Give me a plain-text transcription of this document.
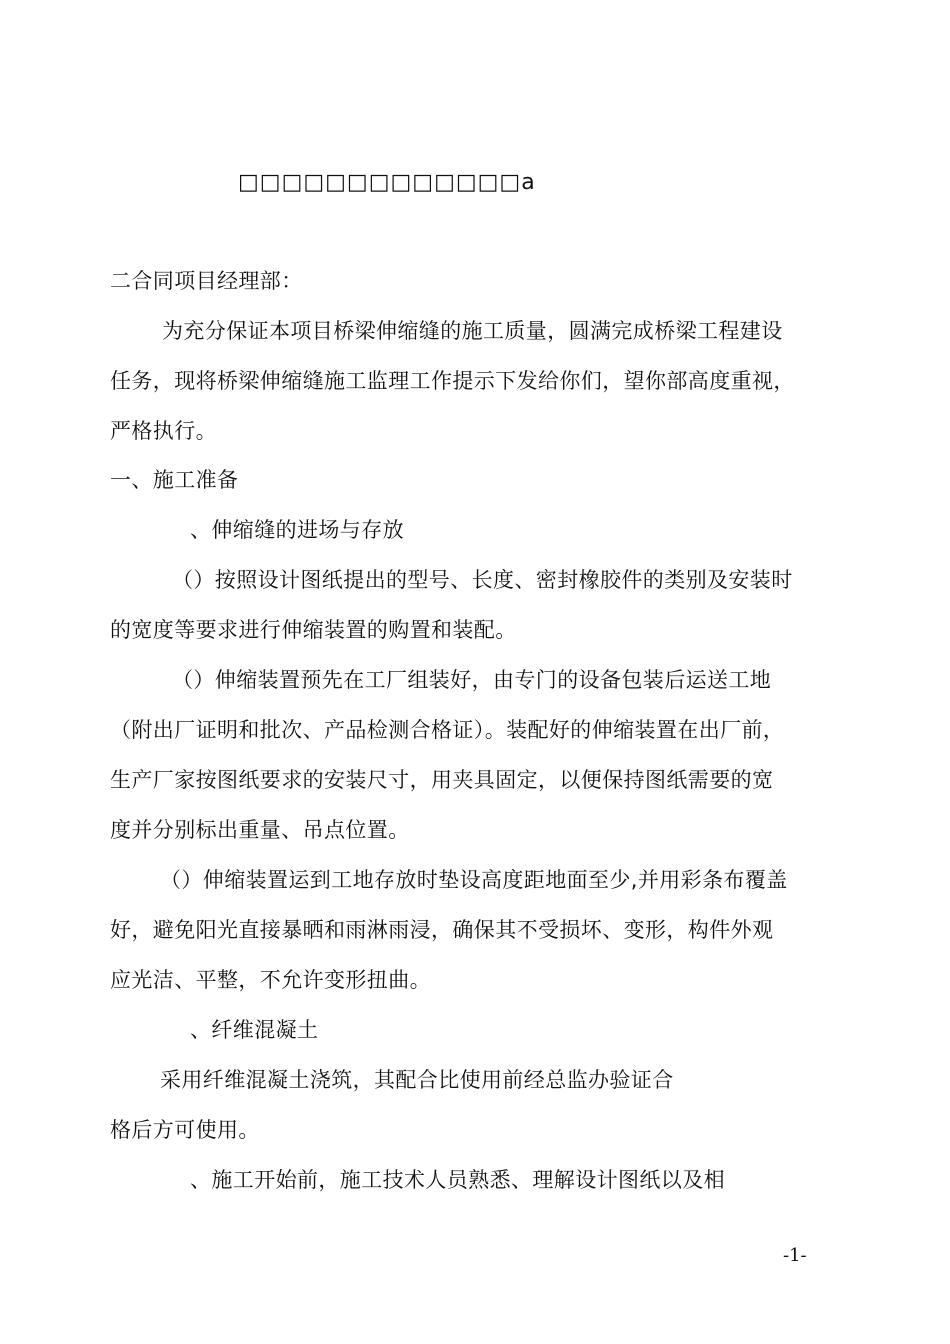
□□□□□□□□□□□□□a
二合同项目经理部：
为充分保证本项目桥梁伸缩缝的施工质量，圆满完成桥梁工程建设
任务，现将桥梁伸缩缝施工监理工作提示下发给你们，望你部高度重视，
严格执行。
一、施工准备
、伸缩缝的进场与存放
（）按照设计图纸提出的型号、长度、密封橡胶件的类别及安装时
的宽度等要求进行伸缩装置的购置和装配。
（）伸缩装置预先在工厂组装好，由专门的设备包装后运送工地
（附出厂证明和批次、产品检测合格证）。装配好的伸缩装置在出厂前，
生产厂家按图纸要求的安装尺寸，用夹具固定，以便保持图纸需要的宽
度并分别标出重量、吊点位置。
（）伸缩装置运到工地存放时垫设高度距地面至少,并用彩条布覆盖
好，避免阳光直接暴晒和雨淋雨浸，确保其不受损坏、变形，构件外观
应光洁、平整，不允许变形扭曲。
、纤维混凝土
采用纤维混凝土浇筑，其配合比使用前经总监办验证合
格后方可使用。
、施工开始前，施工技术人员熟悉、理解设计图纸以及相
-1-
